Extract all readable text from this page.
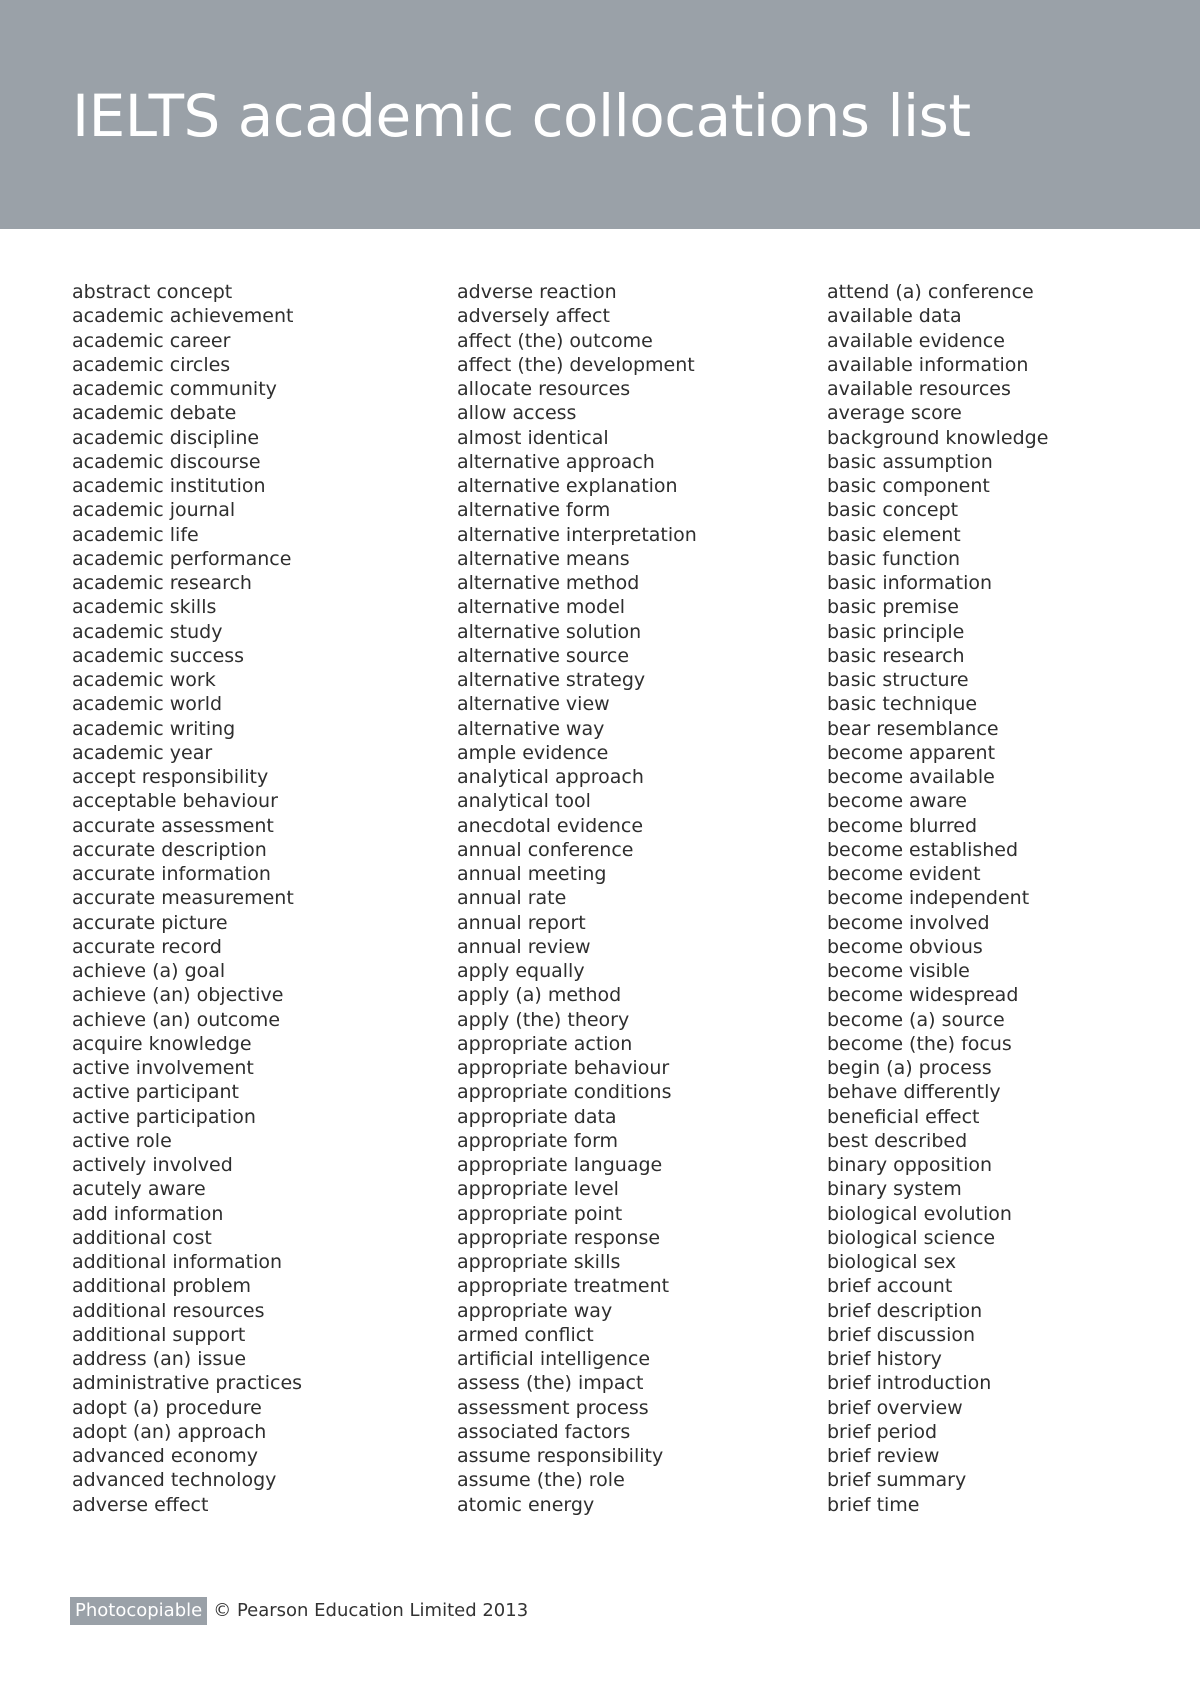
IELTS academic collocations list
abstract concept
academic achievement
academic career
academic circles
academic community
academic debate
academic discipline
academic discourse
academic institution
academic journal
academic life
academic performance
academic research
academic skills
academic study
academic success
academic work
academic world
academic writing
academic year
accept responsibility
acceptable behaviour
accurate assessment
accurate description
accurate information
accurate measurement
accurate picture
accurate record
achieve (a) goal
achieve (an) objective
achieve (an) outcome
acquire knowledge
active involvement
active participant
active participation
active role
actively involved
acutely aware
add information
additional cost
additional information
additional problem
additional resources
additional support
address (an) issue
administrative practices
adopt (a) procedure
adopt (an) approach
advanced economy
advanced technology
adverse effect
adverse reaction
adversely affect
affect (the) outcome
affect (the) development
allocate resources
allow access
almost identical
alternative approach
alternative explanation
alternative form
alternative interpretation
alternative means
alternative method
alternative model
alternative solution
alternative source
alternative strategy
alternative view
alternative way
ample evidence
analytical approach
analytical tool
anecdotal evidence
annual conference
annual meeting
annual rate
annual report
annual review
apply equally
apply (a) method
apply (the) theory
appropriate action
appropriate behaviour
appropriate conditions
appropriate data
appropriate form
appropriate language
appropriate level
appropriate point
appropriate response
appropriate skills
appropriate treatment
appropriate way
armed conflict
artificial intelligence
assess (the) impact
assessment process
associated factors
assume responsibility
assume (the) role
atomic energy
attend (a) conference
available data
available evidence
available information
available resources
average score
background knowledge
basic assumption
basic component
basic concept
basic element
basic function
basic information
basic premise
basic principle
basic research
basic structure
basic technique
bear resemblance
become apparent
become available
become aware
become blurred
become established
become evident
become independent
become involved
become obvious
become visible
become widespread
become (a) source
become (the) focus
begin (a) process
behave differently
beneficial effect
best described
binary opposition
binary system
biological evolution
biological science
biological sex
brief account
brief description
brief discussion
brief history
brief introduction
brief overview
brief period
brief review
brief summary
brief time
Photocopiable © Pearson Education Limited 2013
